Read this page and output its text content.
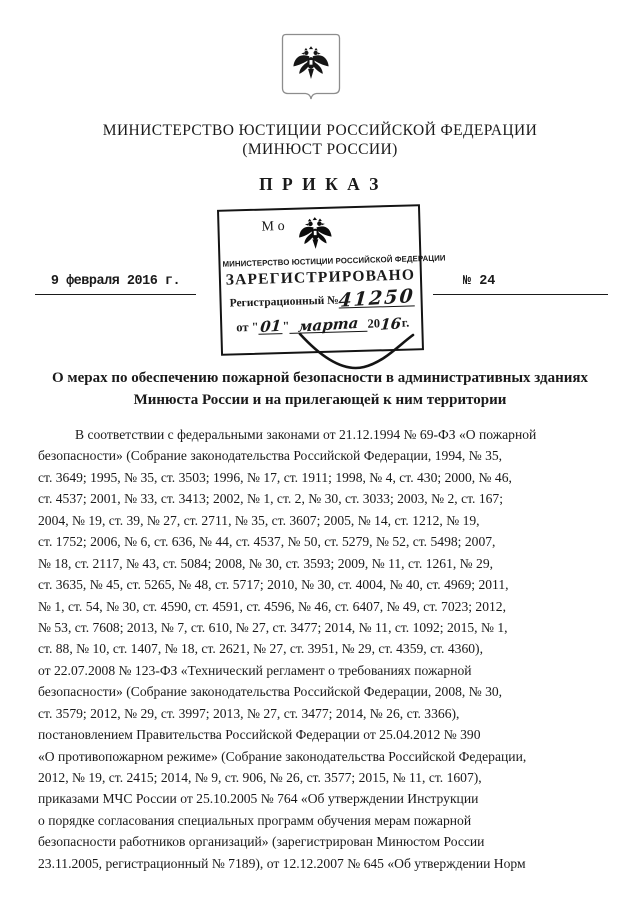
МИНИСТЕРСТВО ЮСТИЦИИ РОССИЙСКОЙ ФЕДЕРАЦИИ
(МИНЮСТ РОССИИ)
П Р И К А З
9 февраля 2016 г.	№ 24
Мо
МИНИСТЕРСТВО ЮСТИЦИИ РОССИЙСКОЙ ФЕДЕРАЦИИ
ЗАРЕГИСТРИРОВАНО
Регистрационный №
41250
от " 01 " марта 20 16 г.
О мерах по обеспечению пожарной безопасности в административных зданиях
Минюста России и на прилегающей к ним территории
В соответствии с федеральными законами от 21.12.1994 № 69-ФЗ «О пожарной
безопасности» (Собрание законодательства Российской Федерации, 1994, № 35,
ст. 3649; 1995, № 35, ст. 3503; 1996, № 17, ст. 1911; 1998, № 4, ст. 430; 2000, № 46,
ст. 4537; 2001, № 33, ст. 3413; 2002, № 1, ст. 2, № 30, ст. 3033; 2003, № 2, ст. 167;
2004, № 19, ст. 39, № 27, ст. 2711, № 35, ст. 3607; 2005, № 14, ст. 1212, № 19,
ст. 1752; 2006, № 6, ст. 636, № 44, ст. 4537, № 50, ст. 5279, № 52, ст. 5498; 2007,
№ 18, ст. 2117, № 43, ст. 5084; 2008, № 30, ст. 3593; 2009, № 11, ст. 1261, № 29,
ст. 3635, № 45, ст. 5265, № 48, ст. 5717; 2010, № 30, ст. 4004, № 40, ст. 4969; 2011,
№ 1, ст. 54, № 30, ст. 4590, ст. 4591, ст. 4596, № 46, ст. 6407, № 49, ст. 7023; 2012,
№ 53, ст. 7608; 2013, № 7, ст. 610, № 27, ст. 3477; 2014, № 11, ст. 1092; 2015, № 1,
ст. 88, № 10, ст. 1407, № 18, ст. 2621, № 27, ст. 3951, № 29, ст. 4359, ст. 4360),
от 22.07.2008 № 123-ФЗ «Технический регламент о требованиях пожарной
безопасности» (Собрание законодательства Российской Федерации, 2008, № 30,
ст. 3579; 2012, № 29, ст. 3997; 2013, № 27, ст. 3477; 2014, № 26, ст. 3366),
постановлением Правительства Российской Федерации от 25.04.2012 № 390
«О противопожарном режиме» (Собрание законодательства Российской Федерации,
2012, № 19, ст. 2415; 2014, № 9, ст. 906, № 26, ст. 3577; 2015, № 11, ст. 1607),
приказами МЧС России от 25.10.2005 № 764 «Об утверждении Инструкции
о порядке согласования специальных программ обучения мерам пожарной
безопасности работников организаций» (зарегистрирован Минюстом России
23.11.2005, регистрационный № 7189), от 12.12.2007 № 645 «Об утверждении Норм
